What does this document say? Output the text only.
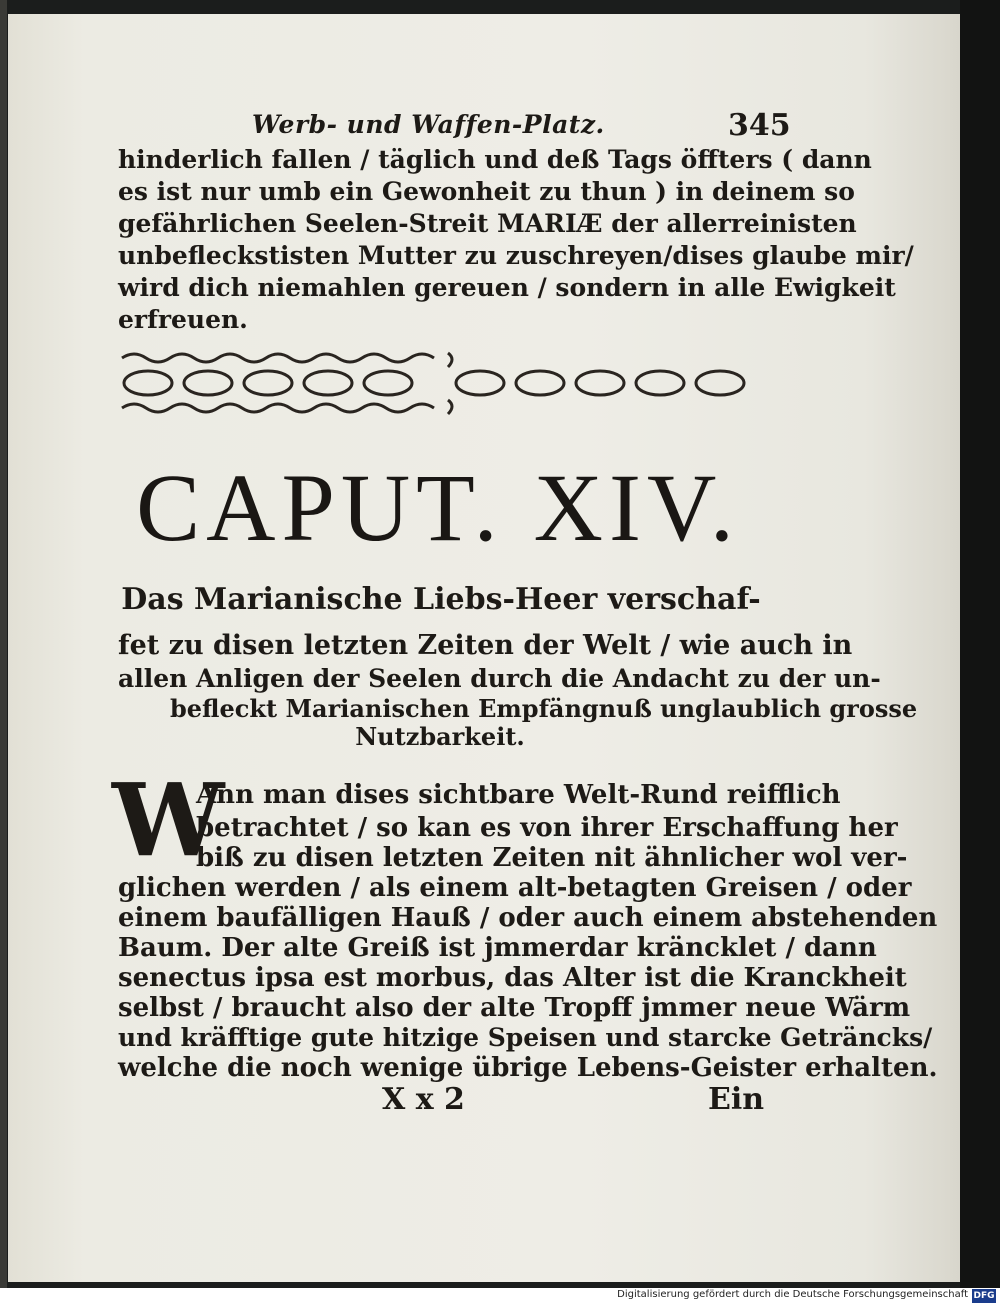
Werb- und Waffen-Platz.	345
hinderlich fallen / täglich und deß Tags öffters ( dann
es ist nur umb ein Gewonheit zu thun ) in deinem so
gefährlichen Seelen-Streit MARIÆ der allerreinisten
unbefleckstisten Mutter zu zuschreyen/dises glaube mir/
wird dich niemahlen gereuen / sondern in alle Ewigkeit
erfreuen.
CAPUT. XIV.
Das Marianische Liebs-Heer verschaf-
fet zu disen letzten Zeiten der Welt / wie auch in
allen Anligen der Seelen durch die Andacht zu der un-
befleckt Marianischen Empfängnuß unglaublich grosse
Nutzbarkeit.
W
Ann man dises sichtbare Welt-Rund reifflich
betrachtet / so kan es von ihrer Erschaffung her
biß zu disen letzten Zeiten nit ähnlicher wol ver-
glichen werden / als einem alt-betagten Greisen / oder
einem baufälligen Hauß / oder auch einem abstehenden
Baum. Der alte Greiß ist jmmerdar kräncklet / dann
senectus ipsa est morbus, das Alter ist die Kranckheit
selbst / braucht also der alte Tropff jmmer neue Wärm
und kräfftige gute hitzige Speisen und starcke Geträncks/
welche die noch wenige übrige Lebens-Geister erhalten.
X x 2	Ein
Digitalisierung gefördert durch die Deutsche Forschungsgemeinschaft DFG
